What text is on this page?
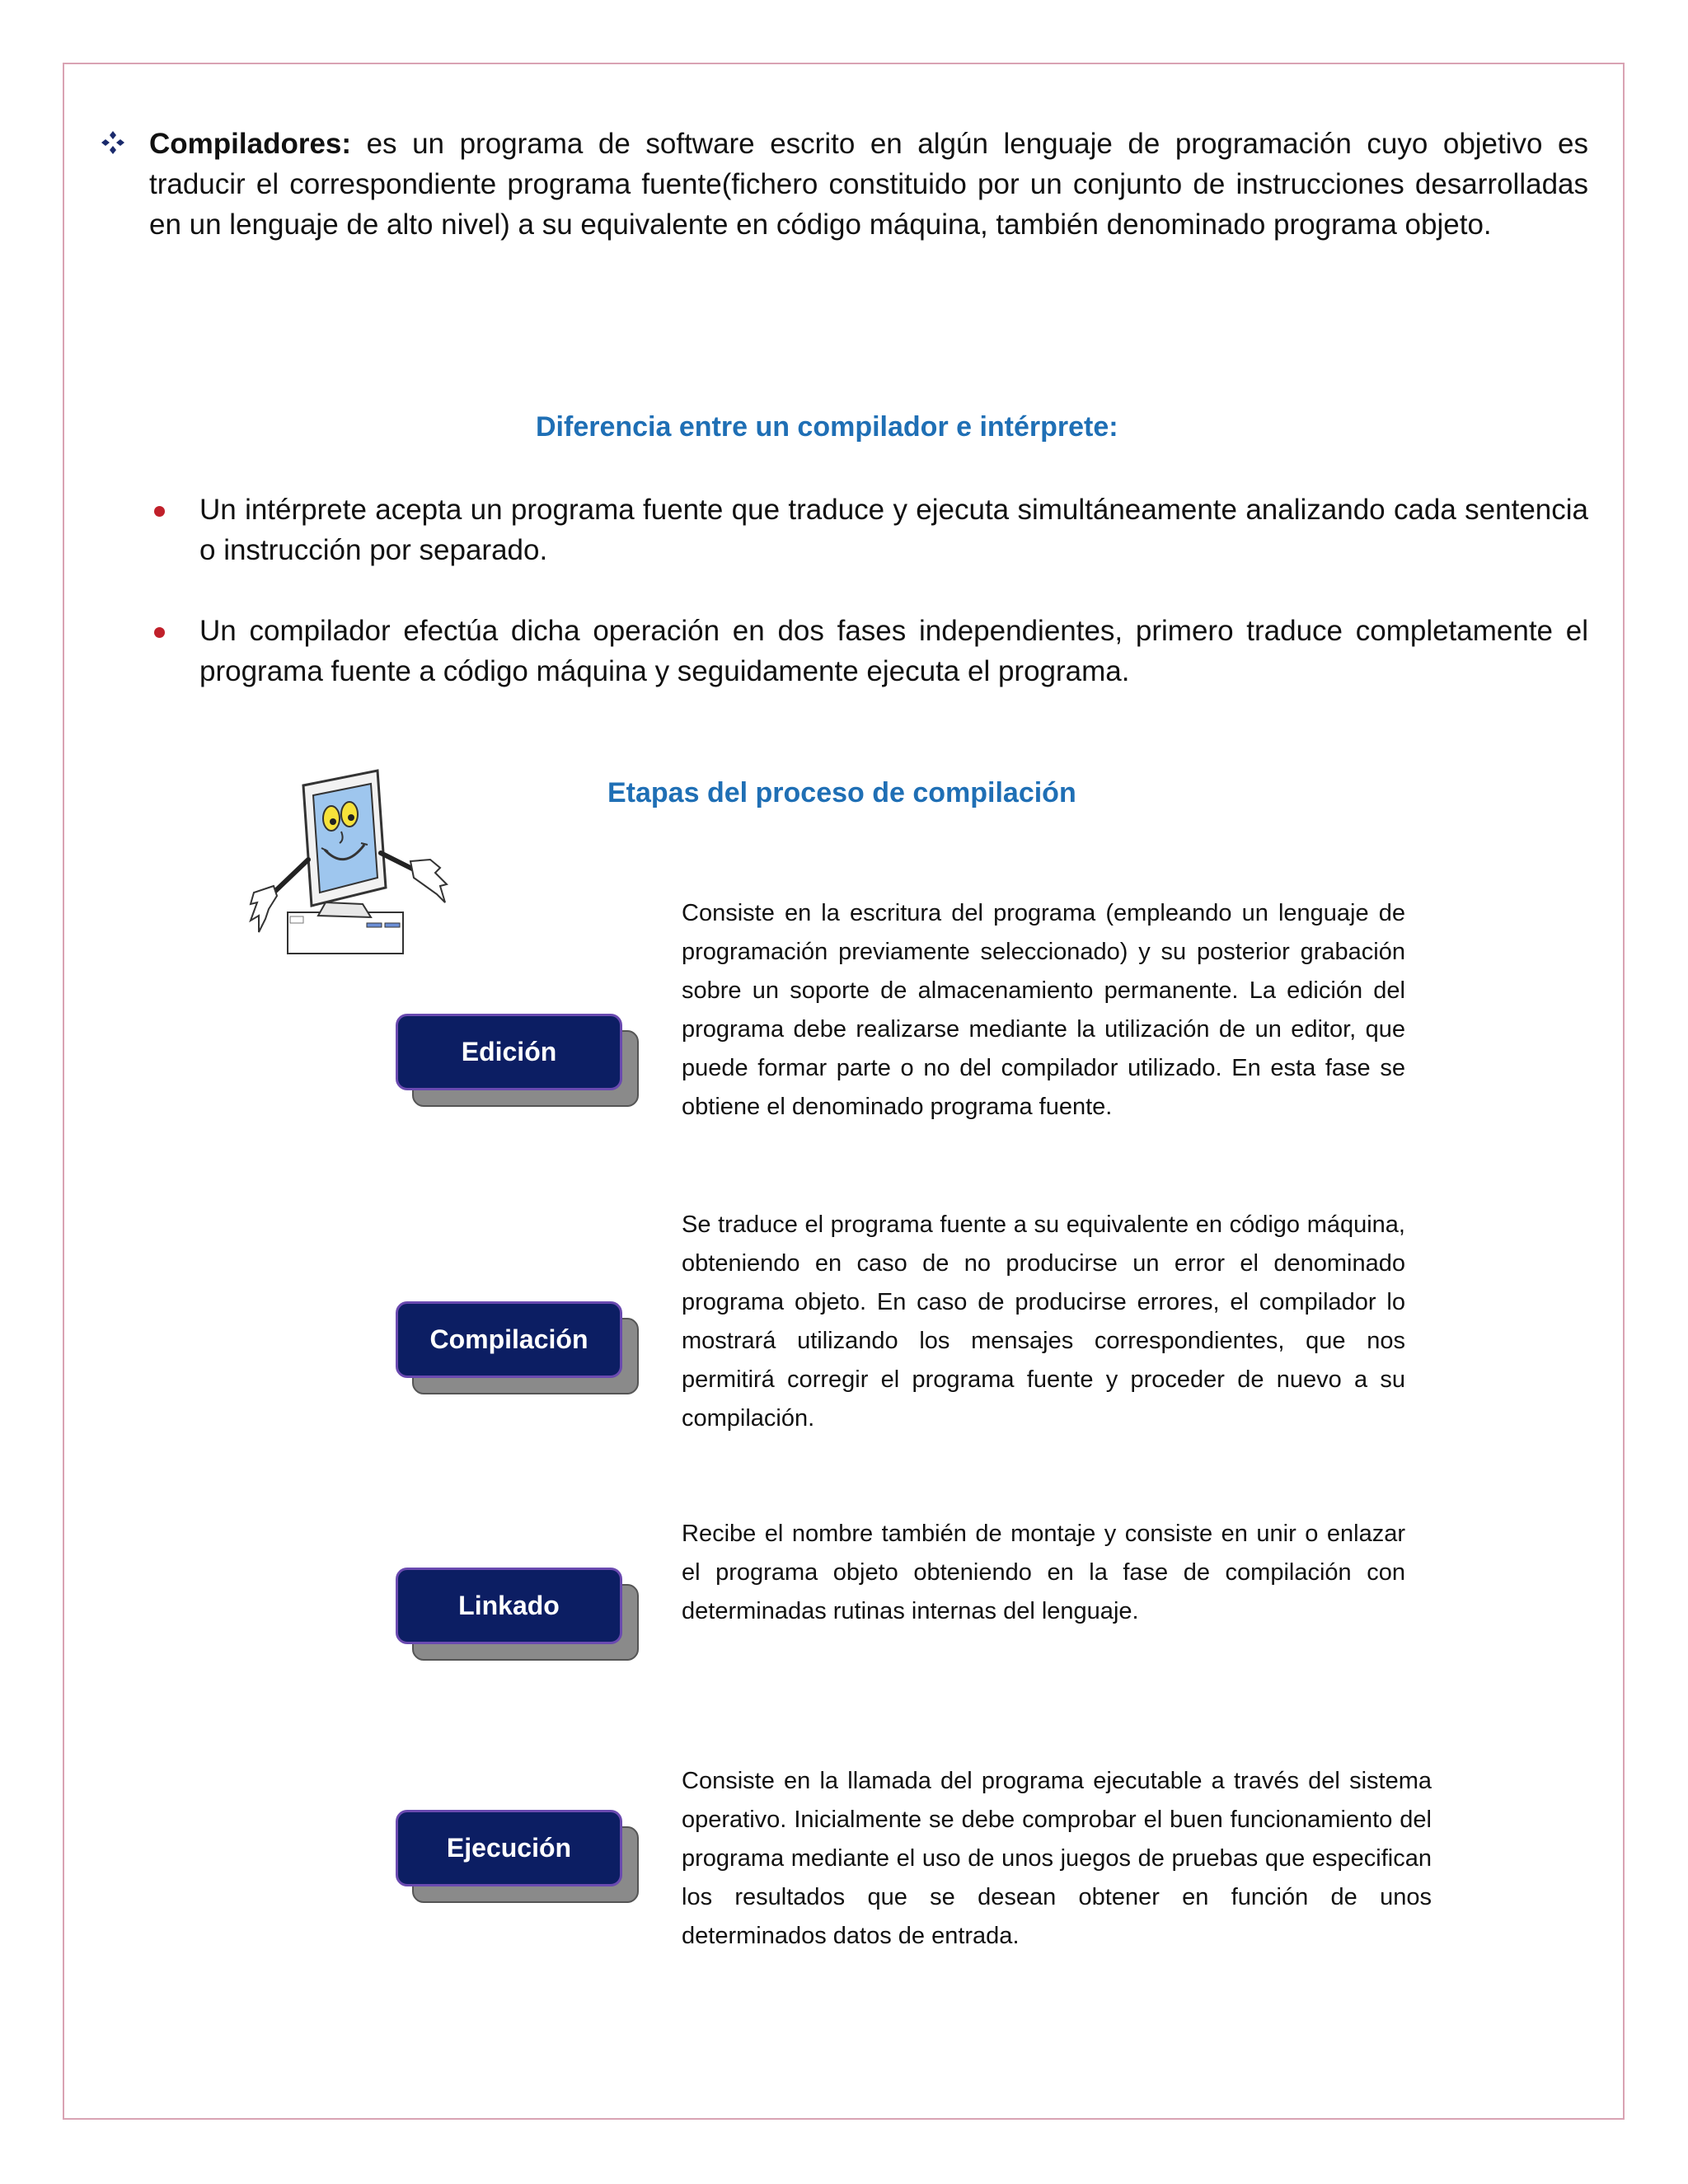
Compiladores: es un programa de software escrito en algún lenguaje de programación cuyo objetivo es traducir el correspondiente programa fuente(fichero constituido por un conjunto de instrucciones desarrolladas en un lenguaje de alto nivel) a su equivalente en código máquina, también denominado programa objeto.
Diferencia entre un compilador e intérprete:
Un intérprete acepta un programa fuente que traduce y ejecuta simultáneamente analizando cada sentencia o instrucción por separado.
Un compilador efectúa dicha operación en dos fases independientes, primero traduce completamente el programa fuente a código máquina y seguidamente ejecuta el programa.
Etapas del proceso de compilación
Edición
Consiste en la escritura del programa (empleando un lenguaje de programación previamente seleccionado) y su posterior grabación sobre un soporte de almacenamiento permanente. La edición del programa debe realizarse mediante la utilización de un editor, que puede formar parte o no del compilador utilizado. En esta fase se obtiene el denominado programa fuente.
Compilación
Se traduce el programa fuente a su equivalente en código máquina, obteniendo en caso de no producirse un error el denominado programa objeto. En caso de producirse errores, el compilador lo mostrará utilizando los mensajes correspondientes, que nos permitirá corregir el programa fuente y proceder de nuevo a su compilación.
Linkado
Recibe el nombre también de montaje y consiste en unir o enlazar el programa objeto obteniendo en la fase de compilación con determinadas rutinas internas del lenguaje.
Ejecución
Consiste en la llamada del programa ejecutable a través del sistema operativo. Inicialmente se debe comprobar el buen funcionamiento del programa mediante el uso de unos juegos de pruebas que especifican los resultados que se desean obtener en función de unos determinados datos de entrada.
